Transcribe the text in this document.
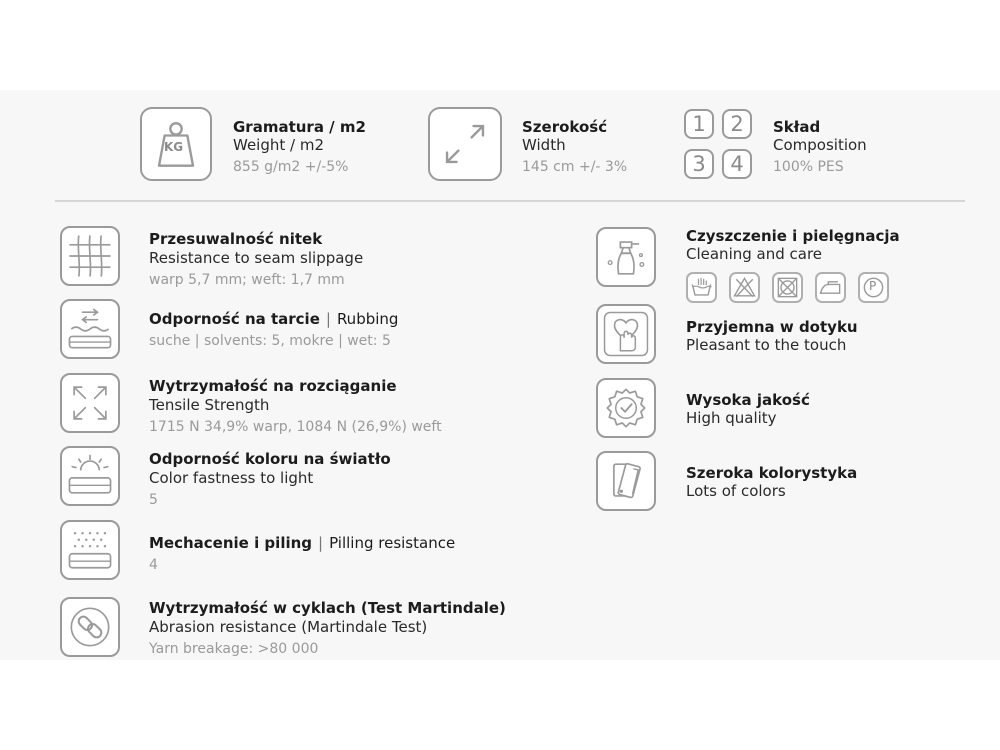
KG
Gramatura / m2
Weight / m2
855 g/m2 +/-5%
Szerokość
Width
145 cm +/- 3%
1	2
3	4
Skład
Composition
100% PES
Przesuwalność nitek
Resistance to seam slippage
warp 5,7 mm; weft: 1,7 mm
Odporność na tarcie | Rubbing
suche | solvents: 5, mokre | wet: 5
Wytrzymałość na rozciąganie
Tensile Strength
1715 N 34,9% warp, 1084 N (26,9%) weft
Odporność koloru na światło
Color fastness to light
5
Mechacenie i piling | Pilling resistance
4
Wytrzymałość w cyklach (Test Martindale)
Abrasion resistance (Martindale Test)
Yarn breakage: >80 000
Czyszczenie i pielęgnacja
Cleaning and care
P
Przyjemna w dotyku
Pleasant to the touch
Wysoka jakość
High quality
Szeroka kolorystyka
Lots of colors
